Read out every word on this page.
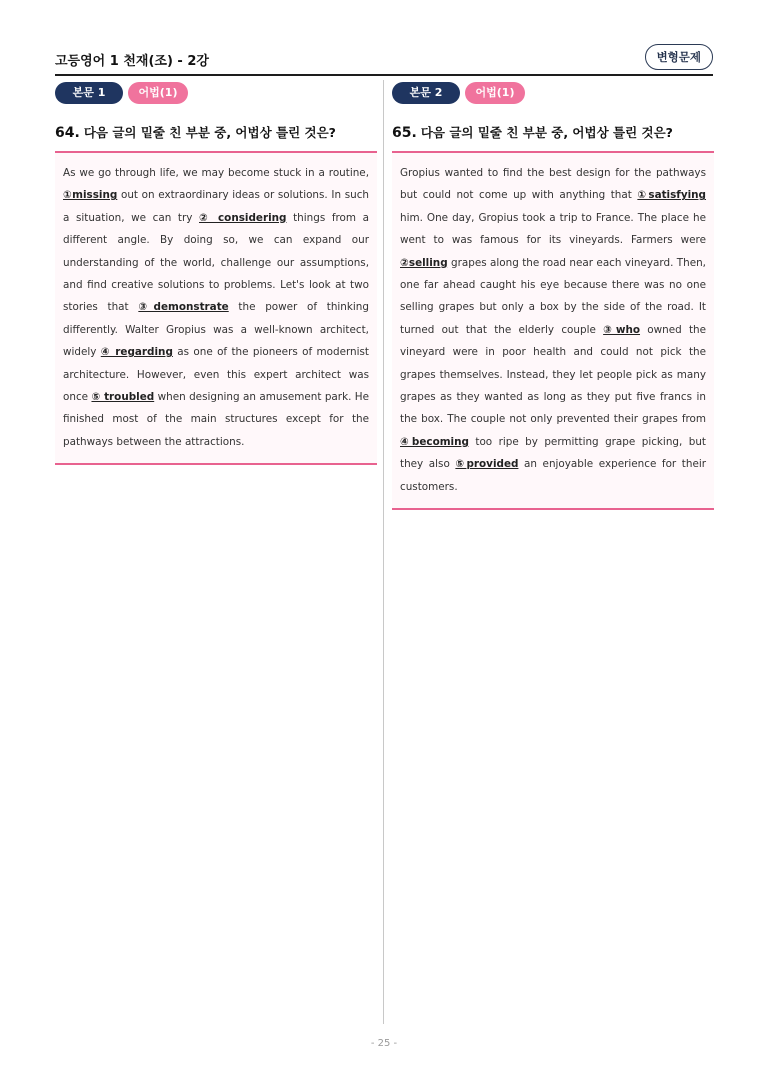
고등영어 1 천재(조) - 2강	변형문제
본문 1	어법(1)
64. 다음 글의 밑줄 친 부분 중, 어법상 틀린 것은?
As we go through life, we may become stuck in a routine, ①missing out on extraordinary ideas or solutions. In such a situation, we can try ② considering things from a different angle. By doing so, we can expand our understanding of the world, challenge our assumptions, and find creative solutions to problems. Let's look at two stories that ③demonstrate the power of thinking differently. Walter Gropius was a well-known architect, widely ④ regarding as one of the pioneers of modernist architecture. However, even this expert architect was once ⑤ troubled when designing an amusement park. He finished most of the main structures except for the pathways between the attractions.
본문 2	어법(1)
65. 다음 글의 밑줄 친 부분 중, 어법상 틀린 것은?
Gropius wanted to find the best design for the pathways but could not come up with anything that ①satisfying him. One day, Gropius took a trip to France. The place he went to was famous for its vineyards. Farmers were ②selling grapes along the road near each vineyard. Then, one far ahead caught his eye because there was no one selling grapes but only a box by the side of the road. It turned out that the elderly couple ③who owned the vineyard were in poor health and could not pick the grapes themselves. Instead, they let people pick as many grapes as they wanted as long as they put five francs in the box. The couple not only prevented their grapes from ④becoming too ripe by permitting grape picking, but they also ⑤provided an enjoyable experience for their customers.
- 25 -
